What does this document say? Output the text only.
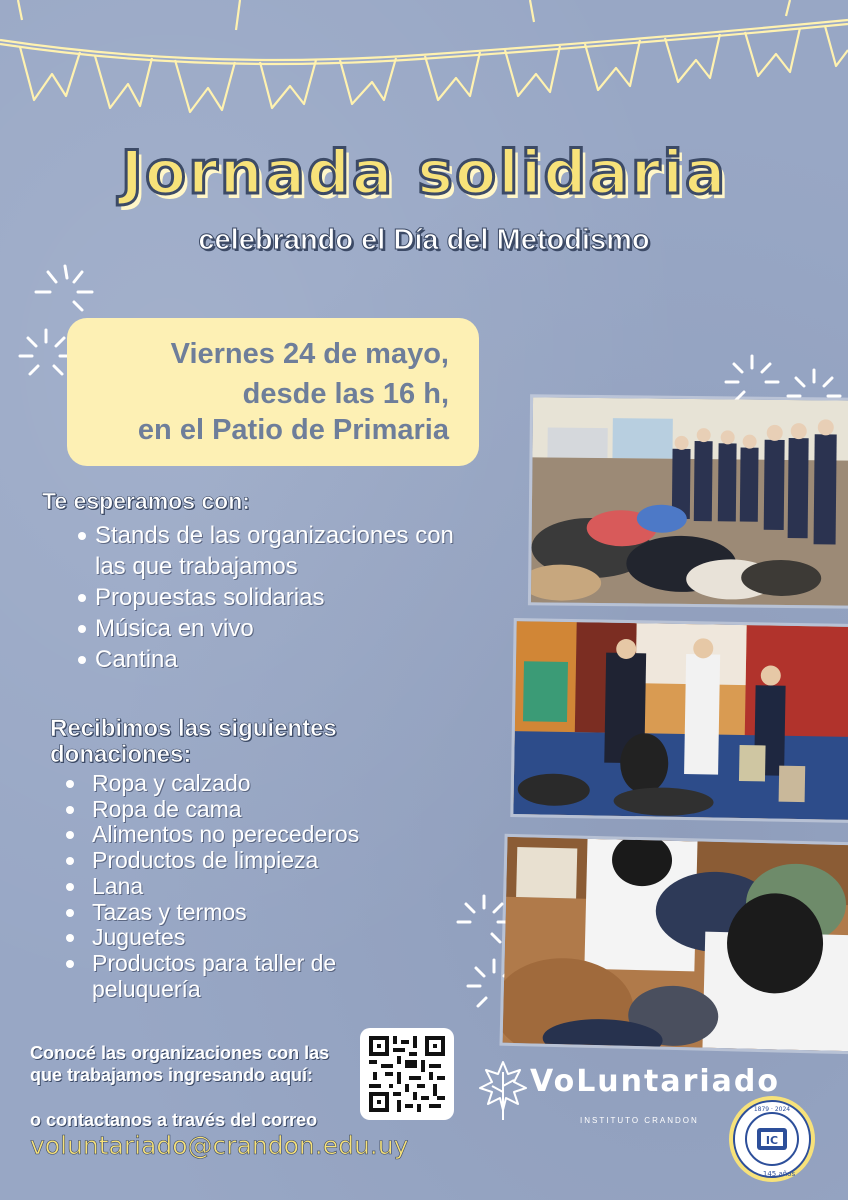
Jornada solidaria
celebrando el Día del Metodismo
Viernes 24 de mayo,
desde las 16 h,
en el Patio de Primaria
Te esperamos con:
Stands de las organizaciones con
las que trabajamos
Propuestas solidarias
Música en vivo
Cantina
Recibimos las siguientes
donaciones:
Ropa y calzado
Ropa de cama
Alimentos no perecederos
Productos de limpieza
Lana
Tazas y termos
Juguetes
Productos para taller de
peluquería
Conocé las organizaciones con las
que trabajamos ingresando aquí:
o contactanos a través del correo
voluntariado@crandon.edu.uy
VoLuntariado
INSTITUTO CRANDON
IC
1879 · 2024
145 años
